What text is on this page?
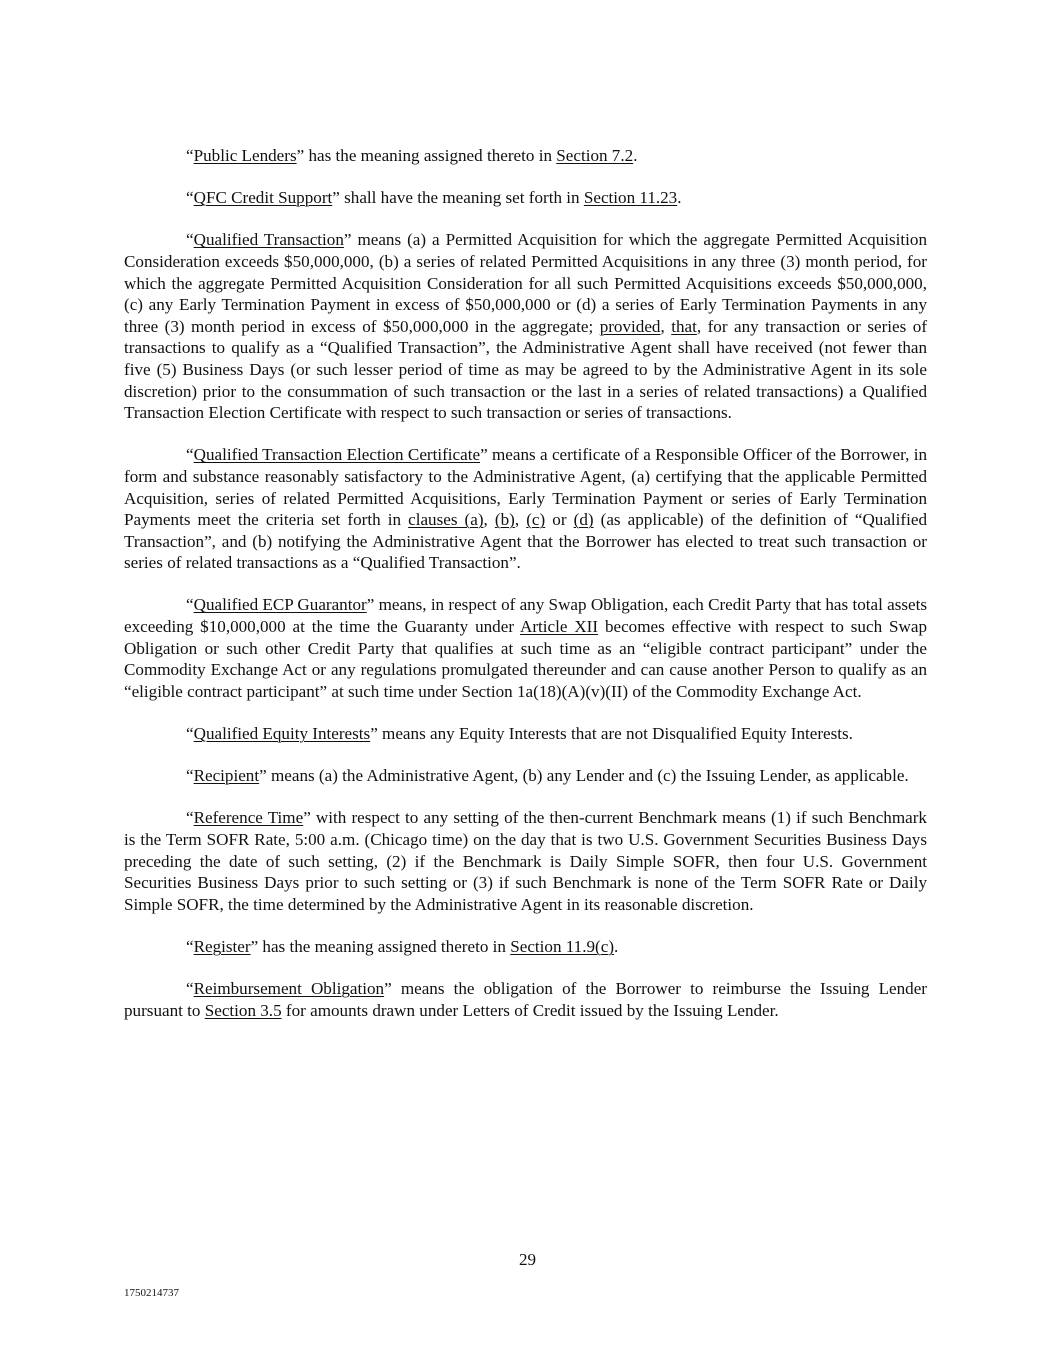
“Public Lenders” has the meaning assigned thereto in Section 7.2.

“QFC Credit Support” shall have the meaning set forth in Section 11.23.

“Qualified Transaction” means (a) a Permitted Acquisition for which the aggregate Permitted Acquisition Consideration exceeds $50,000,000, (b) a series of related Permitted Acquisitions in any three (3) month period, for which the aggregate Permitted Acquisition Consideration for all such Permitted Acquisitions exceeds $50,000,000, (c) any Early Termination Payment in excess of $50,000,000 or (d) a series of Early Termination Payments in any three (3) month period in excess of $50,000,000 in the aggregate; provided, that, for any transaction or series of transactions to qualify as a “Qualified Transaction”, the Administrative Agent shall have received (not fewer than five (5) Business Days (or such lesser period of time as may be agreed to by the Administrative Agent in its sole discretion) prior to the consummation of such transaction or the last in a series of related transactions) a Qualified Transaction Election Certificate with respect to such transaction or series of transactions.

“Qualified Transaction Election Certificate” means a certificate of a Responsible Officer of the Borrower, in form and substance reasonably satisfactory to the Administrative Agent, (a) certifying that the applicable Permitted Acquisition, series of related Permitted Acquisitions, Early Termination Payment or series of Early Termination Payments meet the criteria set forth in clauses (a), (b), (c) or (d) (as applicable) of the definition of “Qualified Transaction”, and (b) notifying the Administrative Agent that the Borrower has elected to treat such transaction or series of related transactions as a “Qualified Transaction”.

“Qualified ECP Guarantor” means, in respect of any Swap Obligation, each Credit Party that has total assets exceeding $10,000,000 at the time the Guaranty under Article XII becomes effective with respect to such Swap Obligation or such other Credit Party that qualifies at such time as an “eligible contract participant” under the Commodity Exchange Act or any regulations promulgated thereunder and can cause another Person to qualify as an “eligible contract participant” at such time under Section 1a(18)(A)(v)(II) of the Commodity Exchange Act.

“Qualified Equity Interests” means any Equity Interests that are not Disqualified Equity Interests.

“Recipient” means (a) the Administrative Agent, (b) any Lender and (c) the Issuing Lender, as applicable.

“Reference Time” with respect to any setting of the then-current Benchmark means (1) if such Benchmark is the Term SOFR Rate, 5:00 a.m. (Chicago time) on the day that is two U.S. Government Securities Business Days preceding the date of such setting, (2) if the Benchmark is Daily Simple SOFR, then four U.S. Government Securities Business Days prior to such setting or (3) if such Benchmark is none of the Term SOFR Rate or Daily Simple SOFR, the time determined by the Administrative Agent in its reasonable discretion.

“Register” has the meaning assigned thereto in Section 11.9(c).

“Reimbursement Obligation” means the obligation of the Borrower to reimburse the Issuing Lender pursuant to Section 3.5 for amounts drawn under Letters of Credit issued by the Issuing Lender.

29
1750214737
